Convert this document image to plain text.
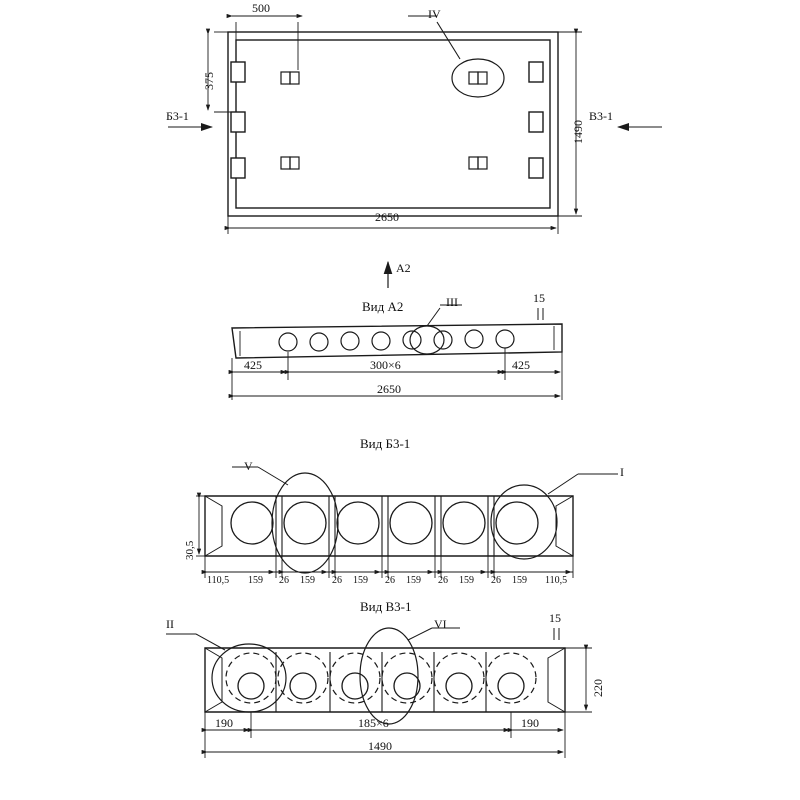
500
375
1490
2650
IV
Б3-1	В3-1
А2
Вид А2	III	15
425	300×6	425
2650
Вид Б3-1
V	I
30,5
110,5 159 26 159 26 159 26 159 26 159 26 159 110,5
Вид В3-1
II	VI	15
220
190	185×6	190
1490
